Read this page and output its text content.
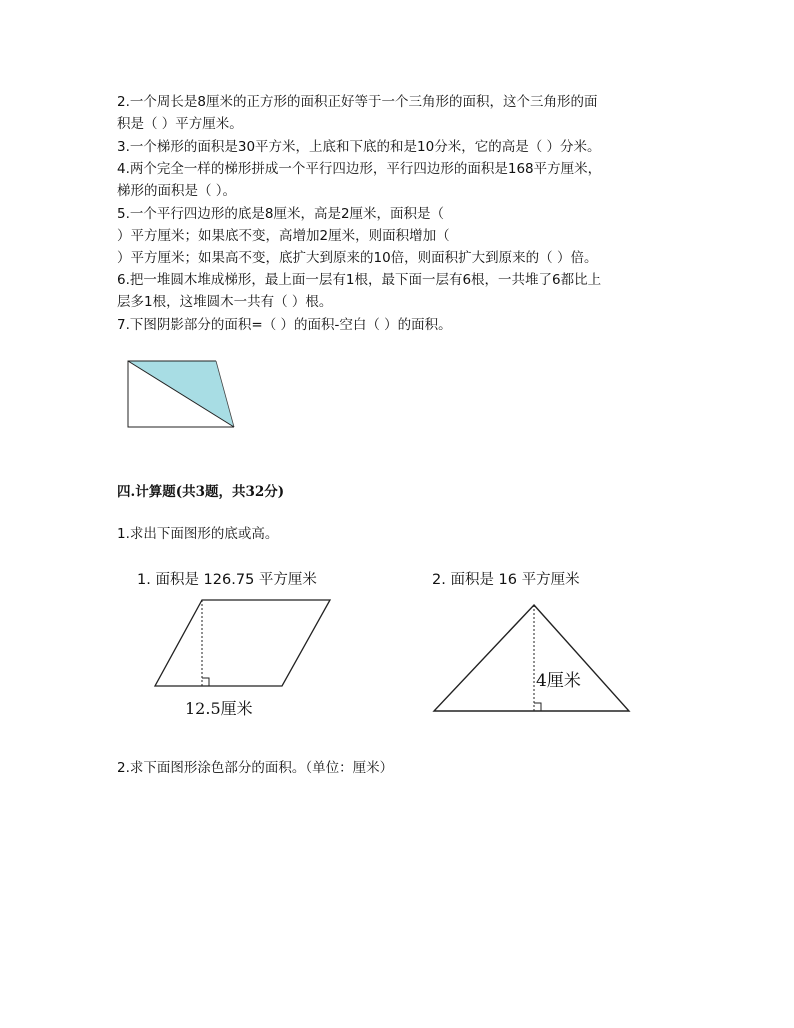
2.一个周长是8厘米的正方形的面积正好等于一个三角形的面积，这个三角形的面
积是（ ）平方厘米。
3.一个梯形的面积是30平方米，上底和下底的和是10分米，它的高是（ ）分米。
4.两个完全一样的梯形拼成一个平行四边形，平行四边形的面积是168平方厘米，
梯形的面积是（ ）。
5.一个平行四边形的底是8厘米，高是2厘米，面积是（
）平方厘米；如果底不变，高增加2厘米，则面积增加（
）平方厘米；如果高不变，底扩大到原来的10倍，则面积扩大到原来的（ ）倍。
6.把一堆圆木堆成梯形，最上面一层有1根，最下面一层有6根，一共堆了6都比上
层多1根，这堆圆木一共有（ ）根。
7.下图阴影部分的面积=（ ）的面积-空白（ ）的面积。
四.计算题(共3题，共32分)
1.求出下面图形的底或高。
1. 面积是 126.75 平方厘米	2. 面积是 16 平方厘米
12.5厘米
4厘米
2.求下面图形涂色部分的面积。（单位：厘米）
